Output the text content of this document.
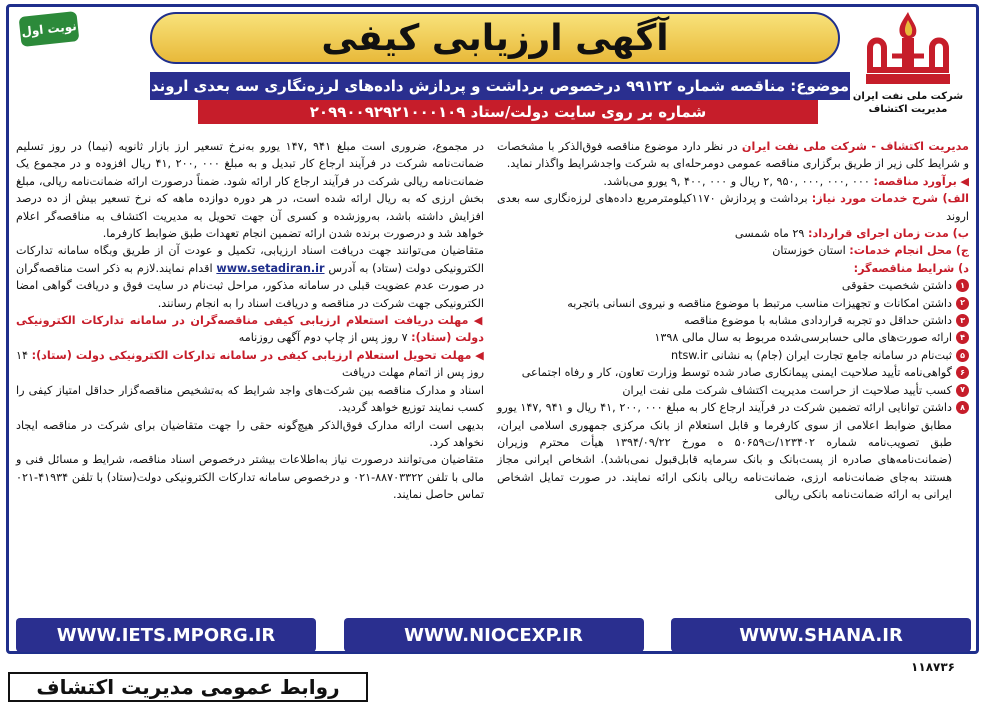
نوبت اول	آگهی ارزیابی کیفی
شرکت ملی نفت ایران
مدیریت اکتشاف
موضوع: مناقصه شماره ۹۹۱۲۲ درخصوص برداشت و پردازش داده‌های لرزه‌نگاری سه بعدی اروند
شماره بر روی سایت دولت/ستاد ۲۰۹۹۰۰۹۲۹۲۱۰۰۰۱۰۹

مدیریت اکتشاف - شرکت ملی نفت ایران در نظر دارد موضوع مناقصه فوق‌الذکر با مشخصات و شرایط کلی زیر از طریق برگزاری مناقصه عمومی دومرحله‌ای به شرکت واجدشرایط واگذار نماید.

◀ برآورد مناقصه: ۰۰۰ ,۰۰۰ ,۰۰۰ ,۹۵۰ ,۲ ریال و ۰۰۰ ,۴۰۰ ,۹ یورو می‌باشد.

الف) شرح خدمات مورد نیاز: برداشت و پردازش ۱۱۷۰کیلومترمربع داده‌های لرزه‌نگاری سه بعدی اروند

ب) مدت زمان اجرای قرارداد: ۲۹ ماه شمسی

ج) محل انجام خدمات: استان خوزستان

د) شرایط مناقصه‌گر:

۱
داشتن شخصیت حقوقی
۲
داشتن امکانات و تجهیزات مناسب مرتبط با موضوع مناقصه و نیروی انسانی باتجربه
۳
داشتن حداقل دو تجربه قراردادی مشابه با موضوع مناقصه
۴
ارائه صورت‌های مالی حسابرسی‌شده مربوط به سال مالی ۱۳۹۸
۵
ثبت‌نام در سامانه جامع تجارت ایران (جام) به نشانی ntsw.ir
۶
گواهی‌نامه تأیید صلاحیت ایمنی پیمانکاری صادر شده توسط وزارت تعاون، کار و رفاه اجتماعی
۷
کسب تأیید صلاحیت از حراست مدیریت اکتشاف شرکت ملی نفت ایران
۸
داشتن توانایی ارائه تضمین شرکت در فرآیند ارجاع کار به مبلغ ۰۰۰ ,۲۰۰ ,۴۱ ریال و ۹۴۱ ,۱۴۷ یورو مطابق ضوابط اعلامی از سوی کارفرما و قابل استعلام از بانک مرکزی جمهوری اسلامی ایران، طبق تصویب‌نامه شماره ۱۲۳۴۰۲/ت۵۰۶۵۹ ه مورخ ۱۳۹۴/۰۹/۲۲ هیأت محترم وزیران (ضمانت‌نامه‌های صادره از پست‌بانک و بانک سرمایه قابل‌قبول نمی‌باشد). اشخاص ایرانی مجاز هستند به‌جای ضمانت‌نامه ارزی، ضمانت‌نامه ریالی بانکی ارائه نمایند. در صورت تمایل اشخاص ایرانی به ارائه ضمانت‌نامه بانکی ریالی

در مجموع، ضروری است مبلغ ۹۴۱ ,۱۴۷ یورو به‌نرخ تسعیر ارز بازار ثانویه (نیما) در روز تسلیم ضمانت‌نامه شرکت در فرآیند ارجاع کار تبدیل و به مبلغ ۰۰۰ ,۲۰۰ ,۴۱ ریال افزوده و در مجموع یک ضمانت‌نامه ریالی شرکت در فرآیند ارجاع کار ارائه شود. ضمناً درصورت ارائه ضمانت‌نامه ریالی، مبلغ بخش ارزی که به ریال ارائه شده است، در هر دوره دوازده ماهه که نرخ تسعیر بیش از ده درصد افزایش داشته باشد، به‌روزشده و کسری آن جهت تحویل به مدیریت اکتشاف به مناقصه‌گر اعلام خواهد شد و درصورت برنده شدن ارائه تضمین انجام تعهدات طبق ضوابط کارفرما.

متقاضیان می‌توانند جهت دریافت اسناد ارزیابی، تکمیل و عودت آن از طریق وبگاه سامانه تدارکات الکترونیکی دولت (ستاد) به آدرس www.setadiran.ir اقدام نمایند.لازم به ذکر است مناقصه‌گران در صورت عدم عضویت قبلی در سامانه مذکور، مراحل ثبت‌نام در سایت فوق و دریافت گواهی امضا الکترونیکی جهت شرکت در مناقصه و دریافت اسناد را به انجام رسانند.

◀ مهلت دریافت استعلام ارزیابی کیفی مناقصه‌گران در سامانه تدارکات الکترونیکی دولت (ستاد): ۷ روز پس از چاپ دوم آگهی روزنامه

◀ مهلت تحویل استعلام ارزیابی کیفی در سامانه تدارکات الکترونیکی دولت (ستاد): ۱۴ روز پس از اتمام مهلت دریافت

اسناد و مدارک مناقصه بین شرکت‌های واجد شرایط که به‌تشخیص مناقصه‌گزار حداقل امتیاز کیفی را کسب نمایند توزیع خواهد گردید.

بدیهی است ارائه مدارک فوق‌الذکر هیچ‌گونه حقی را جهت متقاضیان برای شرکت در مناقصه ایجاد نخواهد کرد.

متقاضیان می‌توانند درصورت نیاز به‌اطلاعات بیشتر درخصوص اسناد مناقصه، شرایط و مسائل فنی و مالی با تلفن ۸۸۷۰۳۳۲۲-۰۲۱ و درخصوص سامانه تدارکات الکترونیکی دولت(ستاد) با تلفن ۴۱۹۳۴-۰۲۱ تماس حاصل نمایند.

WWW.IETS.MPORG.IR	WWW.NIOCEXP.IR	WWW.SHANA.IR
۱۱۸۷۳۶
روابط عمومی مدیریت اکتشاف
